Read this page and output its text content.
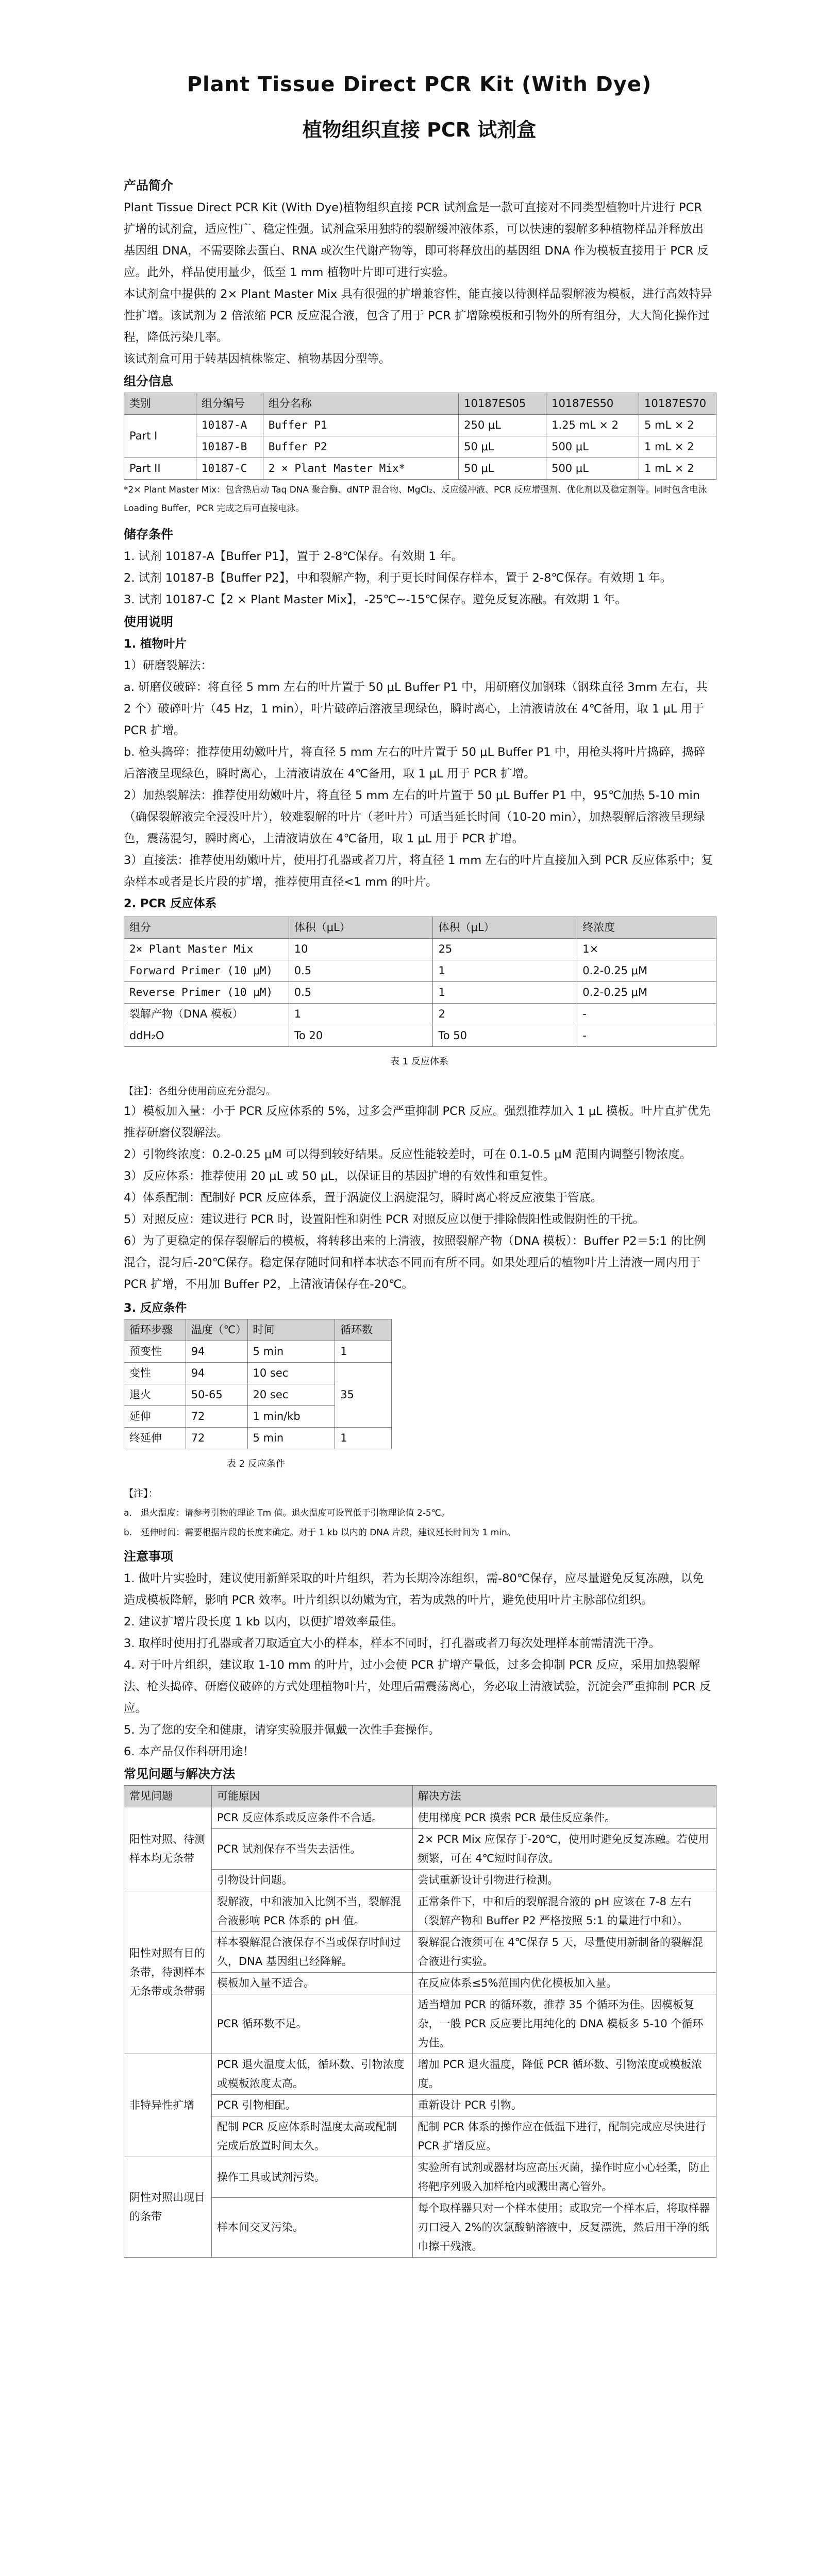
Plant Tissue Direct PCR Kit (With Dye)
植物组织直接 PCR 试剂盒
产品简介

Plant Tissue Direct PCR Kit (With Dye)植物组织直接 PCR 试剂盒是一款可直接对不同类型植物叶片进行 PCR 扩增的试剂盒，适应性广、稳定性强。试剂盒采用独特的裂解缓冲液体系，可以快速的裂解多种植物样品并释放出基因组 DNA，不需要除去蛋白、RNA 或次生代谢产物等，即可将释放出的基因组 DNA 作为模板直接用于 PCR 反应。此外，样品使用量少，低至 1 mm 植物叶片即可进行实验。

本试剂盒中提供的 2× Plant Master Mix 具有很强的扩增兼容性，能直接以待测样品裂解液为模板，进行高效特异性扩增。该试剂为 2 倍浓缩 PCR 反应混合液，包含了用于 PCR 扩增除模板和引物外的所有组分，大大简化操作过程，降低污染几率。

该试剂盒可用于转基因植株鉴定、植物基因分型等。

组分信息
类别	组分编号	组分名称	10187ES05	10187ES50	10187ES70
Part I	10187-A	Buffer P1	250 μL	1.25 mL × 2	5 mL × 2
	10187-B	Buffer P2	50 μL	500 μL	1 mL × 2
Part II	10187-C	2 × Plant Master Mix*	50 μL	500 μL	1 mL × 2

*2× Plant Master Mix：包含热启动 Taq DNA 聚合酶、dNTP 混合物、MgCl₂、反应缓冲液、PCR 反应增强剂、优化剂以及稳定剂等。同时包含电泳 Loading Buffer，PCR 完成之后可直接电泳。

储存条件

1. 试剂 10187-A【Buffer P1】，置于 2-8℃保存。有效期 1 年。

2. 试剂 10187-B【Buffer P2】，中和裂解产物，利于更长时间保存样本，置于 2-8℃保存。有效期 1 年。

3. 试剂 10187-C【2 × Plant Master Mix】，-25℃~-15℃保存。避免反复冻融。有效期 1 年。

使用说明

1. 植物叶片

1）研磨裂解法：

a. 研磨仪破碎：将直径 5 mm 左右的叶片置于 50 μL Buffer P1 中，用研磨仪加钢珠（钢珠直径 3mm 左右，共 2 个）破碎叶片（45 Hz，1 min），叶片破碎后溶液呈现绿色，瞬时离心，上清液请放在 4℃备用，取 1 μL 用于 PCR 扩增。

b. 枪头捣碎：推荐使用幼嫩叶片，将直径 5 mm 左右的叶片置于 50 μL Buffer P1 中，用枪头将叶片捣碎，捣碎后溶液呈现绿色，瞬时离心，上清液请放在 4℃备用，取 1 μL 用于 PCR 扩增。

2）加热裂解法：推荐使用幼嫩叶片，将直径 5 mm 左右的叶片置于 50 μL Buffer P1 中，95℃加热 5-10 min（确保裂解液完全浸没叶片），较难裂解的叶片（老叶片）可适当延长时间（10-20 min），加热裂解后溶液呈现绿色，震荡混匀，瞬时离心，上清液请放在 4℃备用，取 1 μL 用于 PCR 扩增。

3）直接法：推荐使用幼嫩叶片，使用打孔器或者刀片，将直径 1 mm 左右的叶片直接加入到 PCR 反应体系中；复杂样本或者是长片段的扩增，推荐使用直径<1 mm 的叶片。

2. PCR 反应体系

组分	体积（μL）	体积（μL）	终浓度
2× Plant Master Mix	10	25	1×
Forward Primer (10 μM)	0.5	1	0.2-0.25 μM
Reverse Primer (10 μM)	0.5	1	0.2-0.25 μM
裂解产物（DNA 模板）	1	2	-
ddH₂O	To 20	To 50	-
表 1 反应体系

【注】：各组分使用前应充分混匀。

1）模板加入量：小于 PCR 反应体系的 5%，过多会严重抑制 PCR 反应。强烈推荐加入 1 μL 模板。叶片直扩优先推荐研磨仪裂解法。

2）引物终浓度：0.2-0.25 μM 可以得到较好结果。反应性能较差时，可在 0.1-0.5 μM 范围内调整引物浓度。

3）反应体系：推荐使用 20 μL 或 50 μL，以保证目的基因扩增的有效性和重复性。

4）体系配制：配制好 PCR 反应体系，置于涡旋仪上涡旋混匀，瞬时离心将反应液集于管底。

5）对照反应：建议进行 PCR 时，设置阳性和阴性 PCR 对照反应以便于排除假阳性或假阴性的干扰。

6）为了更稳定的保存裂解后的模板，将转移出来的上清液，按照裂解产物（DNA 模板）：Buffer P2＝5:1 的比例混合，混匀后-20℃保存。稳定保存随时间和样本状态不同而有所不同。如果处理后的植物叶片上清液一周内用于 PCR 扩增，不用加 Buffer P2，上清液请保存在-20℃。

3. 反应条件

循环步骤	温度（℃）	时间	循环数
预变性	94	5 min	1
变性	94	10 sec	35
退火	50-65	20 sec	
延伸	72	1 min/kb	
终延伸	72	5 min	1
表 2 反应条件

【注】：

a.　退火温度：请参考引物的理论 Tm 值。退火温度可设置低于引物理论值 2-5℃。

b.　延伸时间：需要根据片段的长度来确定。对于 1 kb 以内的 DNA 片段，建议延长时间为 1 min。

注意事项

1. 做叶片实验时，建议使用新鲜采取的叶片组织，若为长期冷冻组织，需-80℃保存，应尽量避免反复冻融，以免造成模板降解，影响 PCR 效率。叶片组织以幼嫩为宜，若为成熟的叶片，避免使用叶片主脉部位组织。

2. 建议扩增片段长度 1 kb 以内，以便扩增效率最佳。

3. 取样时使用打孔器或者刀取适宜大小的样本，样本不同时，打孔器或者刀每次处理样本前需清洗干净。

4. 对于叶片组织，建议取 1-10 mm 的叶片，过小会使 PCR 扩增产量低，过多会抑制 PCR 反应，采用加热裂解法、枪头捣碎、研磨仪破碎的方式处理植物叶片，处理后需震荡离心，务必取上清液试验，沉淀会严重抑制 PCR 反应。

5. 为了您的安全和健康，请穿实验服并佩戴一次性手套操作。

6. 本产品仅作科研用途！

常见问题与解决方法
常见问题	可能原因	解决方法
阳性对照、待测样本均无条带	PCR 反应体系或反应条件不合适。	使用梯度 PCR 摸索 PCR 最佳反应条件。
	PCR 试剂保存不当失去活性。	2× PCR Mix 应保存于-20℃，使用时避免反复冻融。若使用频繁，可在 4℃短时间存放。
	引物设计问题。	尝试重新设计引物进行检测。
阳性对照有目的条带，待测样本无条带或条带弱	裂解液，中和液加入比例不当，裂解混合液影响 PCR 体系的 pH 值。	正常条件下，中和后的裂解混合液的 pH 应该在 7-8 左右（裂解产物和 Buffer P2 严格按照 5:1 的量进行中和）。
	样本裂解混合液保存不当或保存时间过久，DNA 基因组已经降解。	裂解混合液须可在 4℃保存 5 天，尽量使用新制备的裂解混合液进行实验。
	模板加入量不适合。	在反应体系≤5%范围内优化模板加入量。
	PCR 循环数不足。	适当增加 PCR 的循环数，推荐 35 个循环为佳。因模板复杂，一般 PCR 反应要比用纯化的 DNA 模板多 5-10 个循环为佳。
非特异性扩增	PCR 退火温度太低，循环数、引物浓度或模板浓度太高。	增加 PCR 退火温度，降低 PCR 循环数、引物浓度或模板浓度。
	PCR 引物相配。	重新设计 PCR 引物。
	配制 PCR 反应体系时温度太高或配制完成后放置时间太久。	配制 PCR 体系的操作应在低温下进行，配制完成应尽快进行 PCR 扩增反应。
阴性对照出现目的条带	操作工具或试剂污染。	实验所有试剂或器材均应高压灭菌，操作时应小心轻柔，防止将靶序列吸入加样枪内或溅出离心管外。
	样本间交叉污染。	每个取样器只对一个样本使用；或取完一个样本后，将取样器刃口浸入 2%的次氯酸钠溶液中，反复漂洗，然后用干净的纸巾擦干残液。
